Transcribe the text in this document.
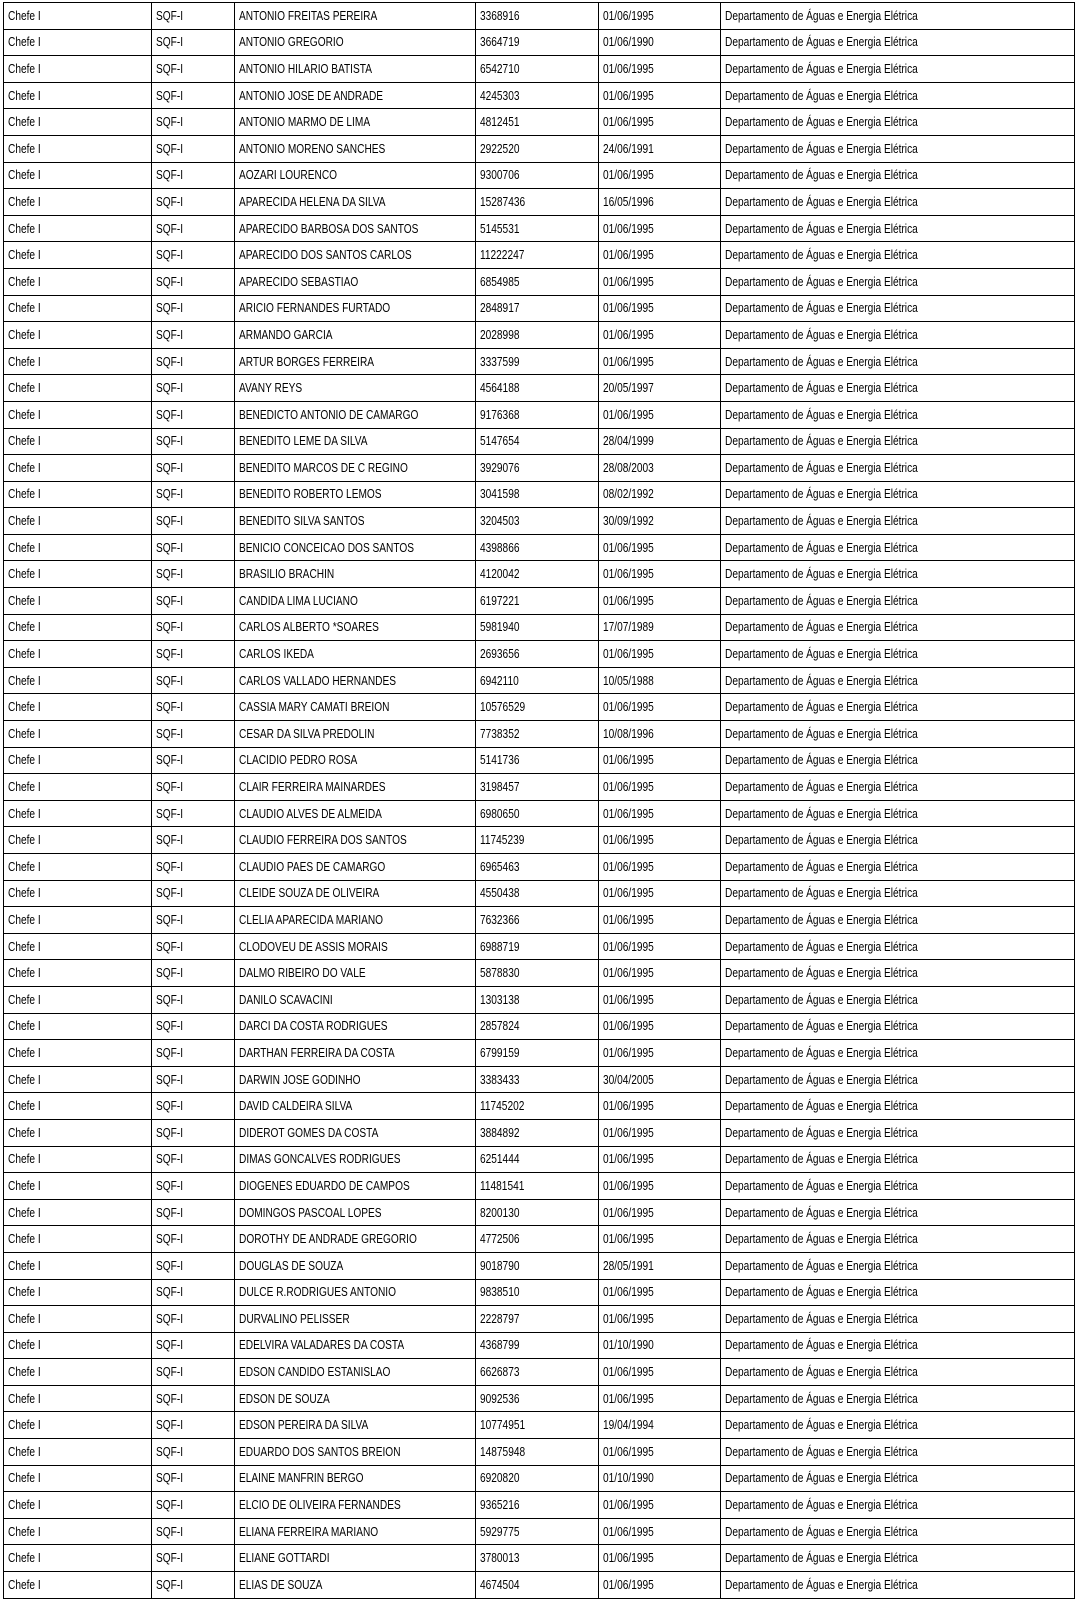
Chefe I	SQF-I	ANTONIO FREITAS PEREIRA	3368916	01/06/1995	Departamento de Águas e Energia Elétrica
Chefe I	SQF-I	ANTONIO GREGORIO	3664719	01/06/1990	Departamento de Águas e Energia Elétrica
Chefe I	SQF-I	ANTONIO HILARIO BATISTA	6542710	01/06/1995	Departamento de Águas e Energia Elétrica
Chefe I	SQF-I	ANTONIO JOSE DE ANDRADE	4245303	01/06/1995	Departamento de Águas e Energia Elétrica
Chefe I	SQF-I	ANTONIO MARMO DE LIMA	4812451	01/06/1995	Departamento de Águas e Energia Elétrica
Chefe I	SQF-I	ANTONIO MORENO SANCHES	2922520	24/06/1991	Departamento de Águas e Energia Elétrica
Chefe I	SQF-I	AOZARI LOURENCO	9300706	01/06/1995	Departamento de Águas e Energia Elétrica
Chefe I	SQF-I	APARECIDA HELENA DA SILVA	15287436	16/05/1996	Departamento de Águas e Energia Elétrica
Chefe I	SQF-I	APARECIDO BARBOSA DOS SANTOS	5145531	01/06/1995	Departamento de Águas e Energia Elétrica
Chefe I	SQF-I	APARECIDO DOS SANTOS CARLOS	11222247	01/06/1995	Departamento de Águas e Energia Elétrica
Chefe I	SQF-I	APARECIDO SEBASTIAO	6854985	01/06/1995	Departamento de Águas e Energia Elétrica
Chefe I	SQF-I	ARICIO FERNANDES FURTADO	2848917	01/06/1995	Departamento de Águas e Energia Elétrica
Chefe I	SQF-I	ARMANDO GARCIA	2028998	01/06/1995	Departamento de Águas e Energia Elétrica
Chefe I	SQF-I	ARTUR BORGES FERREIRA	3337599	01/06/1995	Departamento de Águas e Energia Elétrica
Chefe I	SQF-I	AVANY REYS	4564188	20/05/1997	Departamento de Águas e Energia Elétrica
Chefe I	SQF-I	BENEDICTO ANTONIO DE CAMARGO	9176368	01/06/1995	Departamento de Águas e Energia Elétrica
Chefe I	SQF-I	BENEDITO LEME DA SILVA	5147654	28/04/1999	Departamento de Águas e Energia Elétrica
Chefe I	SQF-I	BENEDITO MARCOS DE C REGINO	3929076	28/08/2003	Departamento de Águas e Energia Elétrica
Chefe I	SQF-I	BENEDITO ROBERTO LEMOS	3041598	08/02/1992	Departamento de Águas e Energia Elétrica
Chefe I	SQF-I	BENEDITO SILVA SANTOS	3204503	30/09/1992	Departamento de Águas e Energia Elétrica
Chefe I	SQF-I	BENICIO CONCEICAO DOS SANTOS	4398866	01/06/1995	Departamento de Águas e Energia Elétrica
Chefe I	SQF-I	BRASILIO BRACHIN	4120042	01/06/1995	Departamento de Águas e Energia Elétrica
Chefe I	SQF-I	CANDIDA LIMA LUCIANO	6197221	01/06/1995	Departamento de Águas e Energia Elétrica
Chefe I	SQF-I	CARLOS ALBERTO *SOARES	5981940	17/07/1989	Departamento de Águas e Energia Elétrica
Chefe I	SQF-I	CARLOS IKEDA	2693656	01/06/1995	Departamento de Águas e Energia Elétrica
Chefe I	SQF-I	CARLOS VALLADO HERNANDES	6942110	10/05/1988	Departamento de Águas e Energia Elétrica
Chefe I	SQF-I	CASSIA MARY CAMATI BREION	10576529	01/06/1995	Departamento de Águas e Energia Elétrica
Chefe I	SQF-I	CESAR DA SILVA PREDOLIN	7738352	10/08/1996	Departamento de Águas e Energia Elétrica
Chefe I	SQF-I	CLACIDIO PEDRO ROSA	5141736	01/06/1995	Departamento de Águas e Energia Elétrica
Chefe I	SQF-I	CLAIR FERREIRA MAINARDES	3198457	01/06/1995	Departamento de Águas e Energia Elétrica
Chefe I	SQF-I	CLAUDIO ALVES DE ALMEIDA	6980650	01/06/1995	Departamento de Águas e Energia Elétrica
Chefe I	SQF-I	CLAUDIO FERREIRA DOS SANTOS	11745239	01/06/1995	Departamento de Águas e Energia Elétrica
Chefe I	SQF-I	CLAUDIO PAES DE CAMARGO	6965463	01/06/1995	Departamento de Águas e Energia Elétrica
Chefe I	SQF-I	CLEIDE SOUZA DE OLIVEIRA	4550438	01/06/1995	Departamento de Águas e Energia Elétrica
Chefe I	SQF-I	CLELIA APARECIDA MARIANO	7632366	01/06/1995	Departamento de Águas e Energia Elétrica
Chefe I	SQF-I	CLODOVEU DE ASSIS MORAIS	6988719	01/06/1995	Departamento de Águas e Energia Elétrica
Chefe I	SQF-I	DALMO RIBEIRO DO VALE	5878830	01/06/1995	Departamento de Águas e Energia Elétrica
Chefe I	SQF-I	DANILO SCAVACINI	1303138	01/06/1995	Departamento de Águas e Energia Elétrica
Chefe I	SQF-I	DARCI DA COSTA RODRIGUES	2857824	01/06/1995	Departamento de Águas e Energia Elétrica
Chefe I	SQF-I	DARTHAN FERREIRA DA COSTA	6799159	01/06/1995	Departamento de Águas e Energia Elétrica
Chefe I	SQF-I	DARWIN JOSE GODINHO	3383433	30/04/2005	Departamento de Águas e Energia Elétrica
Chefe I	SQF-I	DAVID CALDEIRA SILVA	11745202	01/06/1995	Departamento de Águas e Energia Elétrica
Chefe I	SQF-I	DIDEROT GOMES DA COSTA	3884892	01/06/1995	Departamento de Águas e Energia Elétrica
Chefe I	SQF-I	DIMAS GONCALVES RODRIGUES	6251444	01/06/1995	Departamento de Águas e Energia Elétrica
Chefe I	SQF-I	DIOGENES EDUARDO DE CAMPOS	11481541	01/06/1995	Departamento de Águas e Energia Elétrica
Chefe I	SQF-I	DOMINGOS PASCOAL LOPES	8200130	01/06/1995	Departamento de Águas e Energia Elétrica
Chefe I	SQF-I	DOROTHY DE ANDRADE GREGORIO	4772506	01/06/1995	Departamento de Águas e Energia Elétrica
Chefe I	SQF-I	DOUGLAS DE SOUZA	9018790	28/05/1991	Departamento de Águas e Energia Elétrica
Chefe I	SQF-I	DULCE R.RODRIGUES ANTONIO	9838510	01/06/1995	Departamento de Águas e Energia Elétrica
Chefe I	SQF-I	DURVALINO PELISSER	2228797	01/06/1995	Departamento de Águas e Energia Elétrica
Chefe I	SQF-I	EDELVIRA VALADARES DA COSTA	4368799	01/10/1990	Departamento de Águas e Energia Elétrica
Chefe I	SQF-I	EDSON CANDIDO ESTANISLAO	6626873	01/06/1995	Departamento de Águas e Energia Elétrica
Chefe I	SQF-I	EDSON DE SOUZA	9092536	01/06/1995	Departamento de Águas e Energia Elétrica
Chefe I	SQF-I	EDSON PEREIRA DA SILVA	10774951	19/04/1994	Departamento de Águas e Energia Elétrica
Chefe I	SQF-I	EDUARDO DOS SANTOS BREION	14875948	01/06/1995	Departamento de Águas e Energia Elétrica
Chefe I	SQF-I	ELAINE MANFRIN BERGO	6920820	01/10/1990	Departamento de Águas e Energia Elétrica
Chefe I	SQF-I	ELCIO DE OLIVEIRA FERNANDES	9365216	01/06/1995	Departamento de Águas e Energia Elétrica
Chefe I	SQF-I	ELIANA FERREIRA MARIANO	5929775	01/06/1995	Departamento de Águas e Energia Elétrica
Chefe I	SQF-I	ELIANE GOTTARDI	3780013	01/06/1995	Departamento de Águas e Energia Elétrica
Chefe I	SQF-I	ELIAS DE SOUZA	4674504	01/06/1995	Departamento de Águas e Energia Elétrica
